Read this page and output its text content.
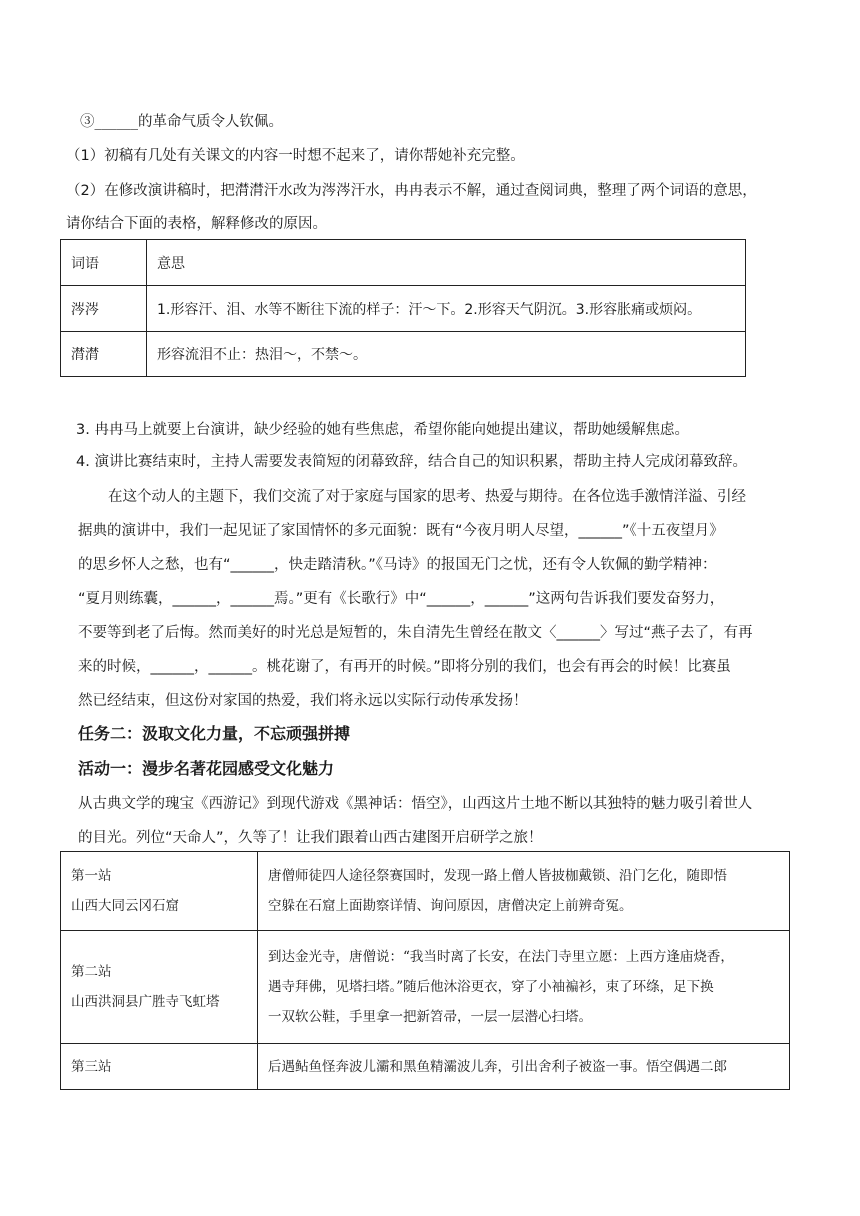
③______的革命气质令人钦佩。
（1）初稿有几处有关课文的内容一时想不起来了，请你帮她补充完整。
（2）在修改演讲稿时，把潸潸汗水改为涔涔汗水，冉冉表示不解，通过查阅词典，整理了两个词语的意思，
请你结合下面的表格，解释修改的原因。
词语	意思
涔涔	1.形容汗、泪、水等不断往下流的样子：汗～下。2.形容天气阴沉。3.形容胀痛或烦闷。
潸潸	形容流泪不止：热泪～，不禁～。
3. 冉冉马上就要上台演讲，缺少经验的她有些焦虑，希望你能向她提出建议，帮助她缓解焦虑。
4. 演讲比赛结束时，主持人需要发表简短的闭幕致辞，结合自己的知识积累，帮助主持人完成闭幕致辞。
在这个动人的主题下，我们交流了对于家庭与国家的思考、热爱与期待。在各位选手激情洋溢、引经
据典的演讲中，我们一起见证了家国情怀的多元面貌：既有“今夜月明人尽望，______”《十五夜望月》
的思乡怀人之愁，也有“______，快走踏清秋。”《马诗》的报国无门之忧，还有令人钦佩的勤学精神：
“夏月则练囊，______，______焉。”更有《长歌行》中“______，______”这两句告诉我们要发奋努力，
不要等到老了后悔。然而美好的时光总是短暂的，朱自清先生曾经在散文〈______〉写过“燕子去了，有再
来的时候，______，______。桃花谢了，有再开的时候。”即将分别的我们，也会有再会的时候！比赛虽
然已经结束，但这份对家国的热爱，我们将永远以实际行动传承发扬！
任务二：汲取文化力量，不忘顽强拼搏
活动一：漫步名著花园感受文化魅力
从古典文学的瑰宝《西游记》到现代游戏《黑神话：悟空》，山西这片土地不断以其独特的魅力吸引着世人
的目光。列位“天命人”，久等了！让我们跟着山西古建图开启研学之旅！
第一站
山西大同云冈石窟	唐僧师徒四人途径祭赛国时，发现一路上僧人皆披枷戴锁、沿门乞化，随即悟
空躲在石窟上面勘察详情、询问原因，唐僧决定上前辨奇冤。

第二站
山西洪洞县广胜寺飞虹塔	到达金光寺，唐僧说：“我当时离了长安，在法门寺里立愿：上西方逢庙烧香，
遇寺拜佛，见塔扫塔。”随后他沐浴更衣，穿了小袖褊衫，束了环绦，足下换
一双软公鞋，手里拿一把新笤帚，一层一层潜心扫塔。

第三站	后遇鲇鱼怪奔波儿灞和黑鱼精灞波儿奔，引出舍利子被盗一事。悟空偶遇二郎
